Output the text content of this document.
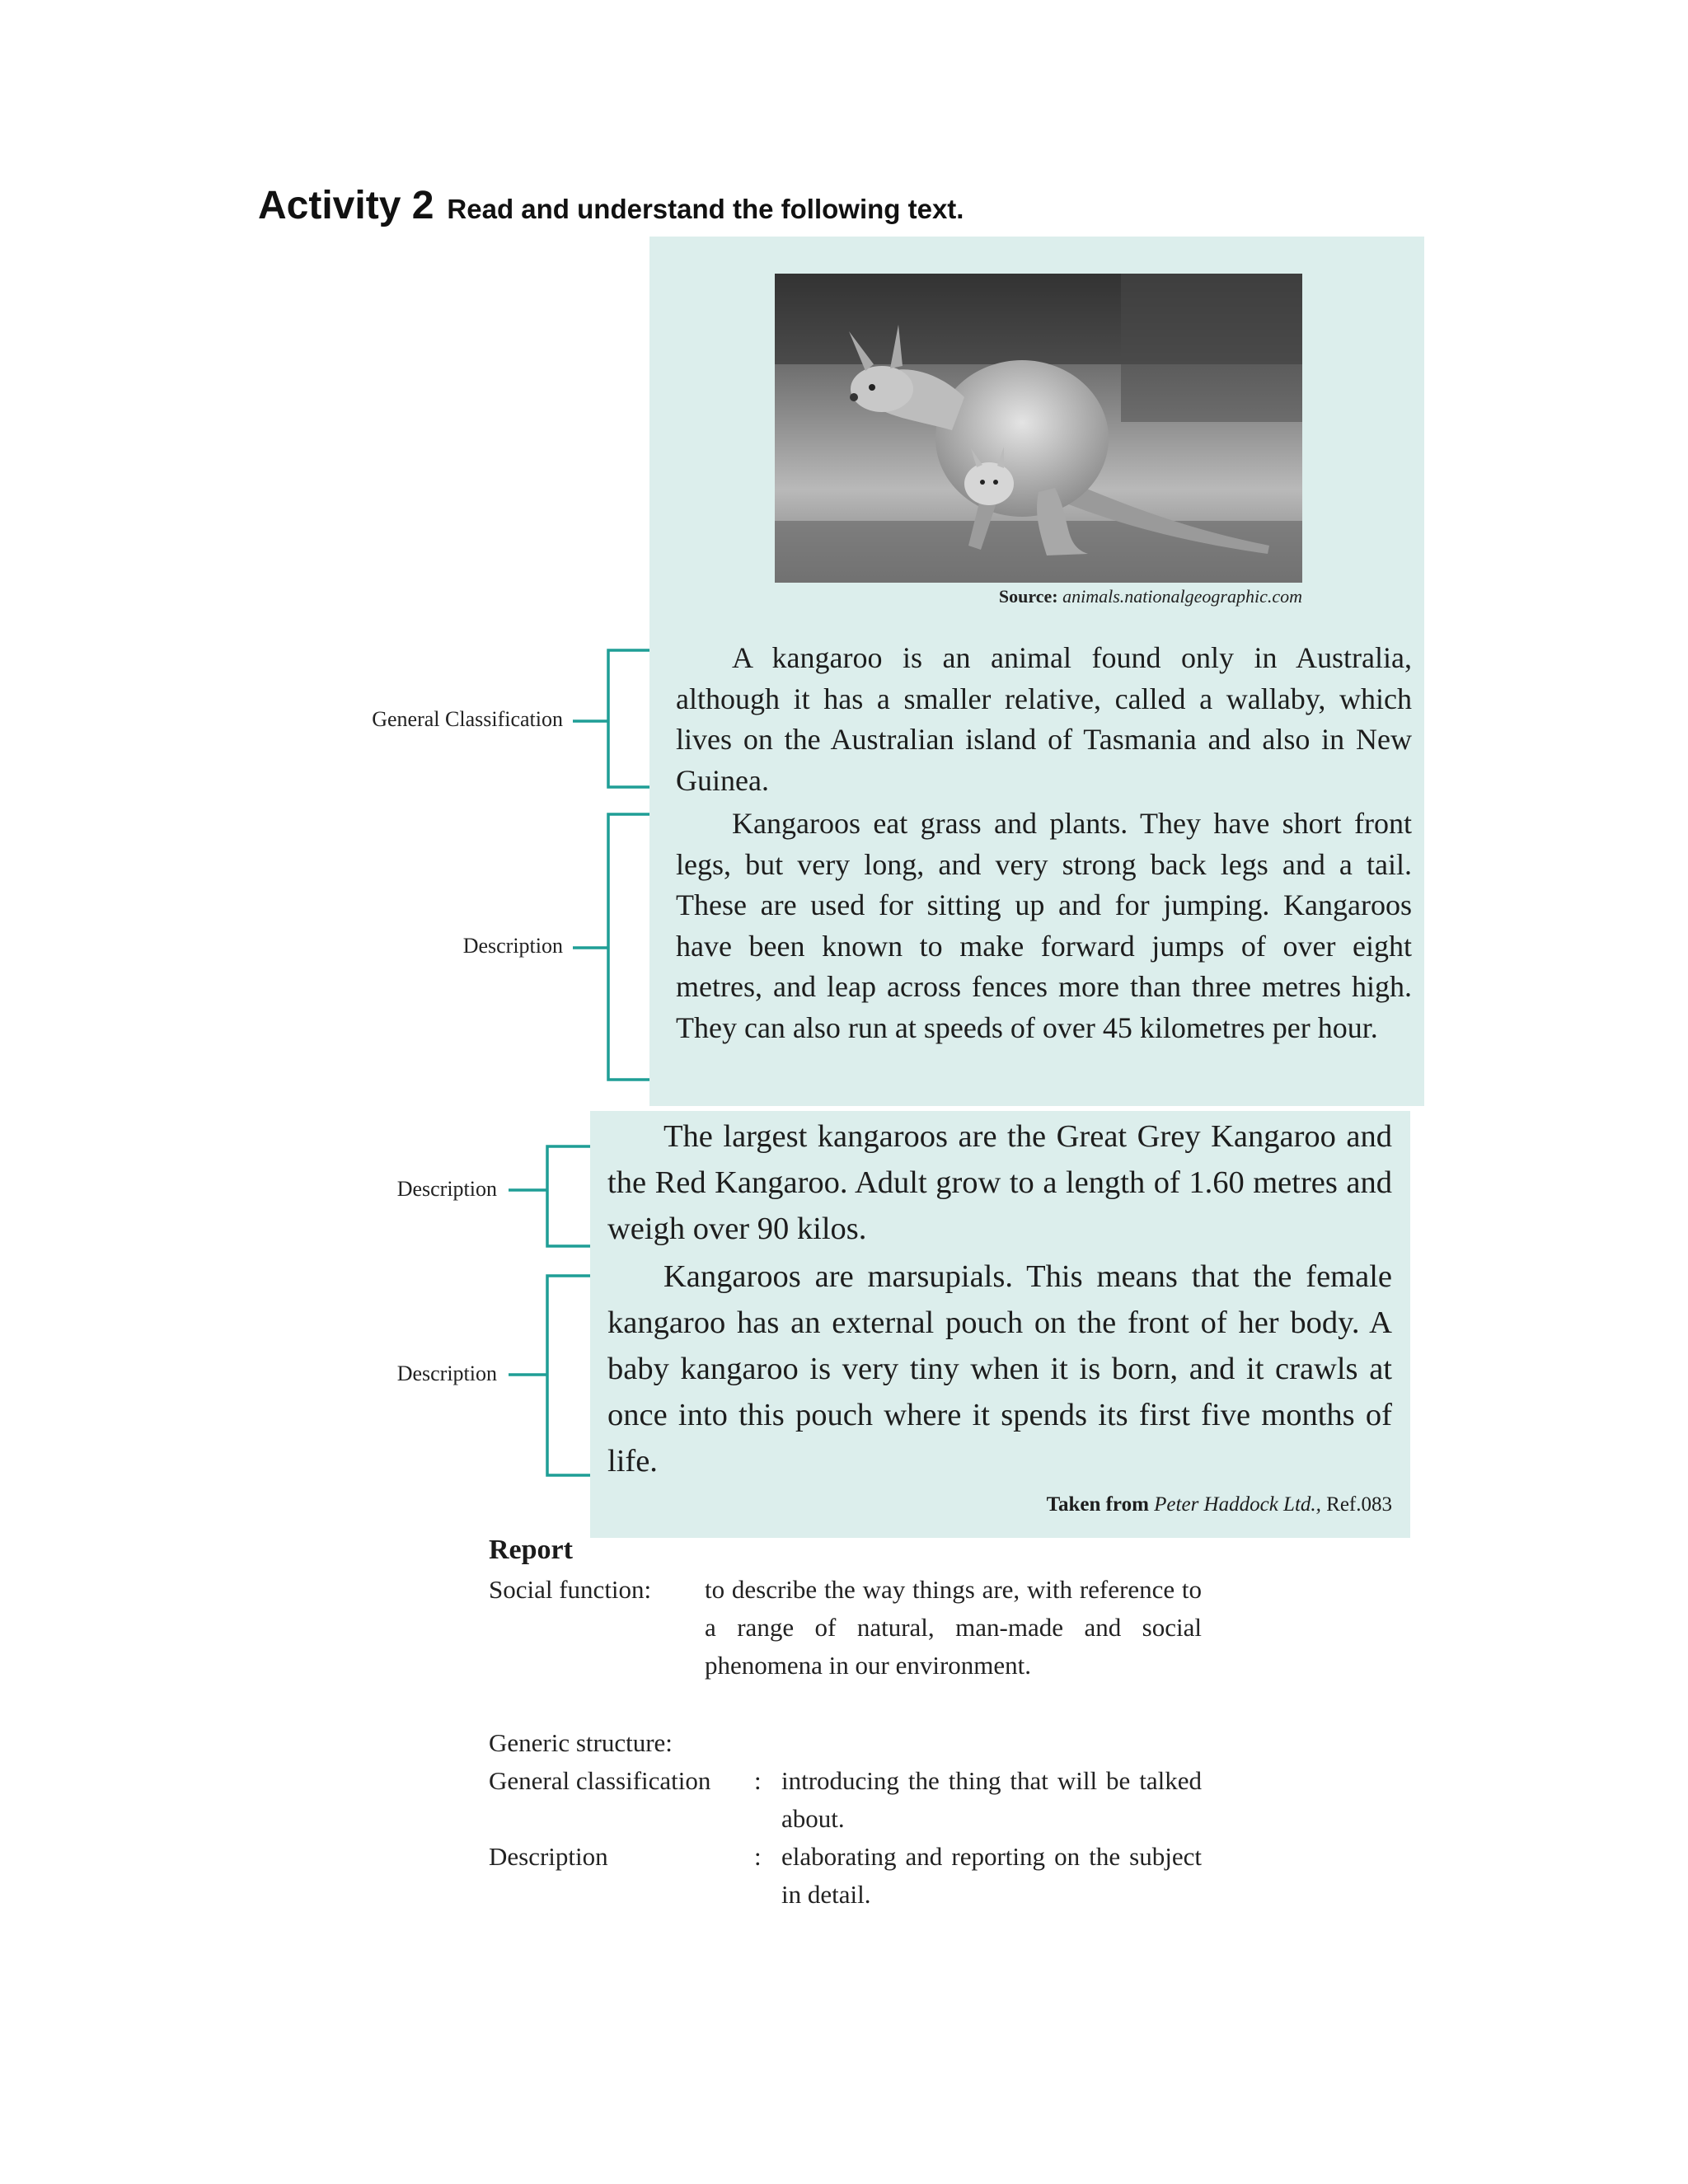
Activity 2 Read and understand the following text.
Source: animals.nationalgeographic.com
A kangaroo is an animal found only in Australia, although it has a smaller relative, called a wallaby, which lives on the Australian island of Tasmania and also in New Guinea.
Kangaroos eat grass and plants. They have short front legs, but very long, and very strong back legs and a tail. These are used for sitting up and for jumping. Kangaroos have been known to make forward jumps of over eight metres, and leap across fences more than three metres high. They can also run at speeds of over 45 kilometres per hour.
The largest kangaroos are the Great Grey Kangaroo and the Red Kangaroo. Adult grow to a length of 1.60 metres and weigh over 90 kilos.
Kangaroos are marsupials. This means that the female kangaroo has an external pouch on the front of her body. A baby kangaroo is very tiny when it is born, and it crawls at once into this pouch where it spends its first five months of life.
Taken from Peter Haddock Ltd., Ref.083
General Classification
Description
Description
Description
Report
Social function: to describe the way things are, with reference to a range of natural, man-made and social phenomena in our environment.
Generic structure:
General classification : introducing the thing that will be talked about.
Description	: elaborating and reporting on the subject in detail.
